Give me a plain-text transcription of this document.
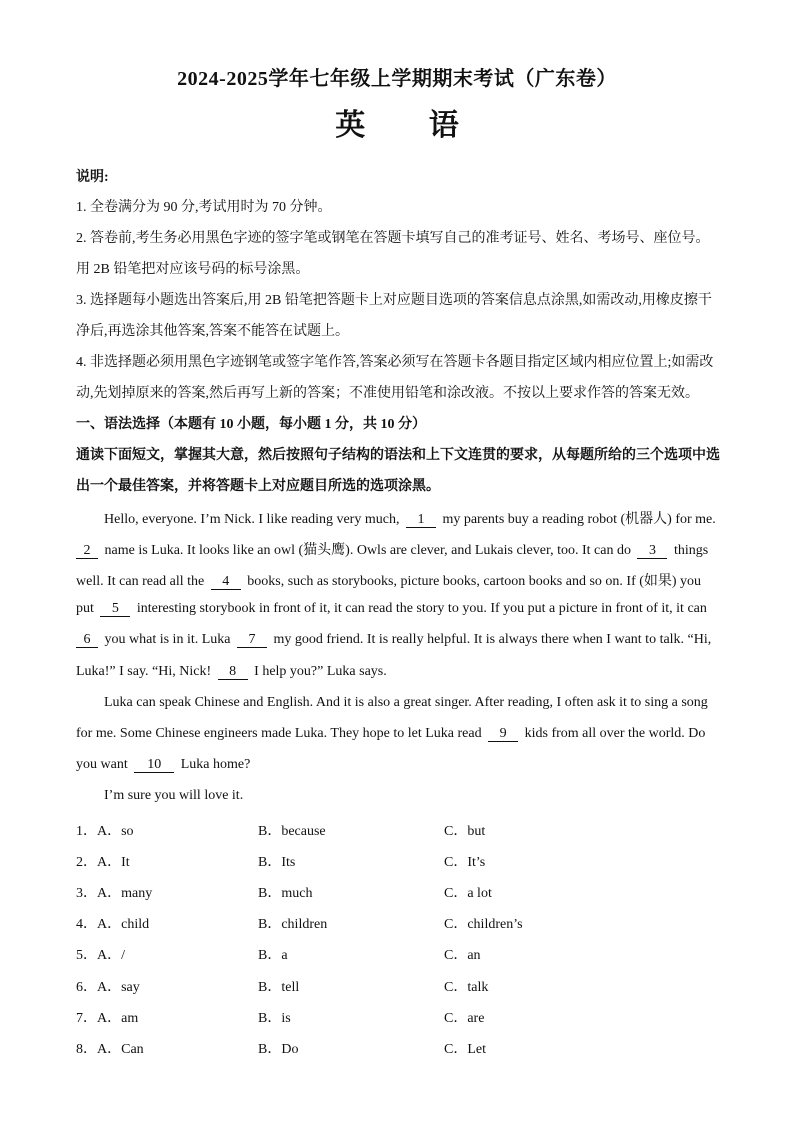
2024-2025学年七年级上学期期末考试（广东卷）
英 语
说明:
1. 全卷满分为 90 分,考试用时为 70 分钟。
2. 答卷前,考生务必用黑色字迹的签字笔或钢笔在答题卡填写自己的准考证号、姓名、考场号、座位号。
用 2B 铅笔把对应该号码的标号涂黑。
3. 选择题每小题选出答案后,用 2B 铅笔把答题卡上对应题目选项的答案信息点涂黑,如需改动,用橡皮擦干
净后,再选涂其他答案,答案不能答在试题上。
4. 非选择题必须用黑色字迹钢笔或签字笔作答,答案必须写在答题卡各题目指定区域内相应位置上;如需改
动,先划掉原来的答案,然后再写上新的答案；不准使用铅笔和涂改液。不按以上要求作答的答案无效。
一、语法选择（本题有 10 小题，每小题 1 分，共 10 分）
通读下面短文，掌握其大意，然后按照句子结构的语法和上下文连贯的要求，从每题所给的三个选项中选
出一个最佳答案，并将答题卡上对应题目所选的选项涂黑。
Hello, everyone. I’m Nick. I like reading very much, 1 my parents buy a reading robot (机器人) for me.
2 name is Luka. It looks like an owl (猫头鹰). Owls are clever, and Lukais clever, too. It can do 3 things
well. It can read all the 4 books, such as storybooks, picture books, cartoon books and so on. If (如果) you
put 5 interesting storybook in front of it, it can read the story to you. If you put a picture in front of it, it can
6 you what is in it. Luka 7 my good friend. It is really helpful. It is always there when I want to talk. “Hi,
Luka!” I say. “Hi, Nick! 8 I help you?” Luka says.
Luka can speak Chinese and English. And it is also a great singer. After reading, I often ask it to sing a song
for me. Some Chinese engineers made Luka. They hope to let Luka read 9 kids from all over the world. Do
you want 10 Luka home?
I’m sure you will love it.
1．A．so	B．because	C．but
2．A．It	B．Its	C．It’s
3．A．many	B．much	C．a lot
4．A．child	B．children	C．children’s
5．A．/	B．a	C．an
6．A．say	B．tell	C．talk
7．A．am	B．is	C．are
8．A．Can	B．Do	C．Let
